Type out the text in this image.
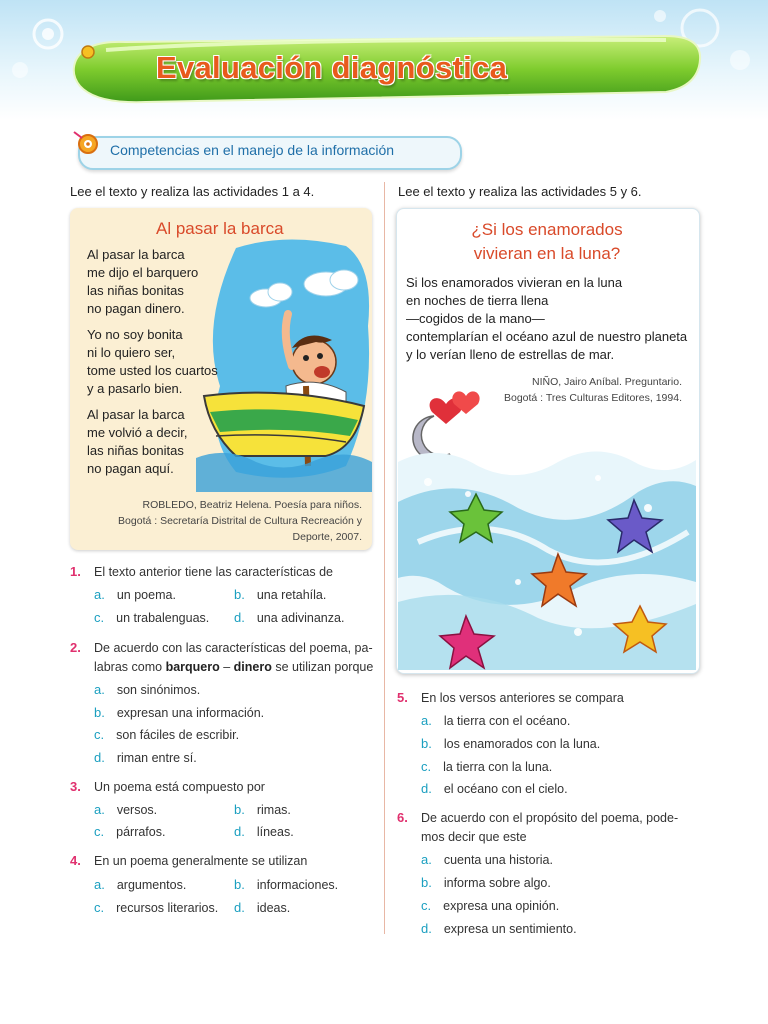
Evaluación diagnóstica
Competencias en el manejo de la información
Lee el texto y realiza las actividades 1 a 4.	Lee el texto y realiza las actividades 5 y 6.
Al pasar la barca
Al pasar la barca
me dijo el barquero
las niñas bonitas
no pagan dinero.
Yo no soy bonita
ni lo quiero ser,
tome usted los cuartos
y a pasarlo bien.
Al pasar la barca
me volvió a decir,
las niñas bonitas
no pagan aquí.
ROBLEDO, Beatriz Helena. Poesía para niños.
Bogotá : Secretaría Distrital de Cultura Recreación y
Deporte, 2007.
¿Si los enamorados
vivieran en la luna?
Si los enamorados vivieran en la luna
en noches de tierra llena
—cogidos de la mano—
contemplarían el océano azul de nuestro planeta
y lo verían lleno de estrellas de mar.
NIÑO, Jairo Aníbal. Preguntario.
Bogotá : Tres Culturas Editores, 1994.
1. El texto anterior tiene las características de
a. un poema.	b. una retahíla.
c. un trabalenguas. d. una adivinanza.
2. De acuerdo con las características del poema, pa-
labras como barquero – dinero se utilizan porque
a. son sinónimos.
b. expresan una información.
c. son fáciles de escribir.
d. riman entre sí.
3. Un poema está compuesto por
a. versos.	b. rimas.
c. párrafos.	d. líneas.
4. En un poema generalmente se utilizan
a. argumentos.	b. informaciones.
c. recursos literarios. d. ideas.
5. En los versos anteriores se compara
a. la tierra con el océano.
b. los enamorados con la luna.
c. la tierra con la luna.
d. el océano con el cielo.
6. De acuerdo con el propósito del poema, pode-
mos decir que este
a. cuenta una historia.
b. informa sobre algo.
c. expresa una opinión.
d. expresa un sentimiento.
